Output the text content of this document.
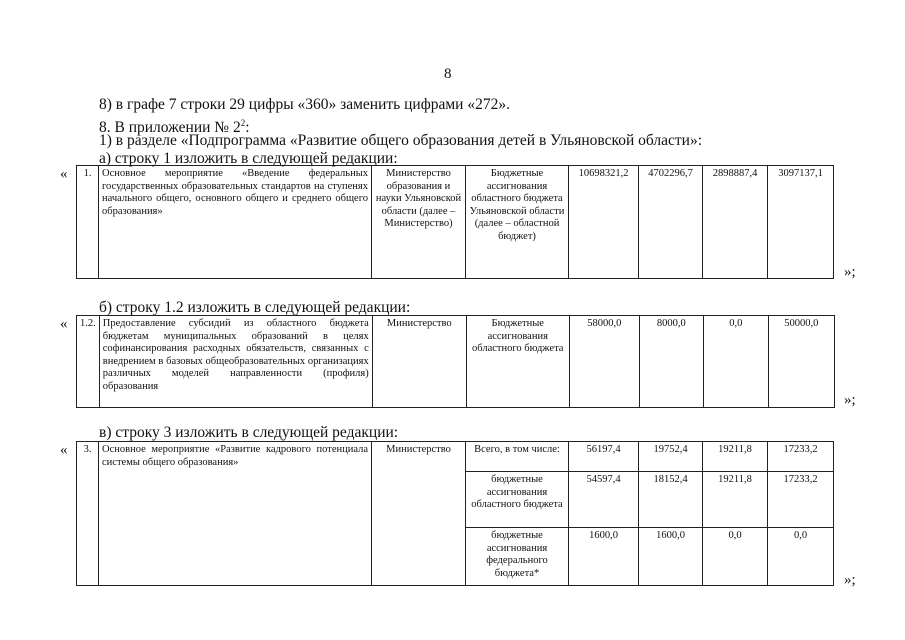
8
8) в графе 7 строки 29 цифры «360» заменить цифрами «272».
8. В приложении № $2^2$:
1) в разделе «Подпрограмма «Развитие общего образования детей в Ульяновской области»:
а) строку 1 изложить в следующей редакции:
« 1.	Основное мероприятие «Введение федеральных государственных образовательных стандартов на ступенях начального общего, основного общего и среднего общего образования»	Министерство образования и науки Ульяновской области (далее – Министерство)	Бюджетные ассигнования областного бюджета Ульяновской области (далее – областной бюджет)	10698321,2	4702296,7	2898887,4	3097137,1
»;
б) строку 1.2 изложить в следующей редакции:
« 1.2.	Предоставление субсидий из областного бюджета бюджетам муниципальных образований в целях софинансирования расходных обязательств, связанных с внедрением в базовых общеобразовательных организациях различных моделей направленности (профиля) образования	Министерство	Бюджетные ассигнования областного бюджета	58000,0	8000,0	0,0	50000,0
»;
в) строку 3 изложить в следующей редакции:
« 3.	Основное мероприятие «Развитие кадрового потенциала системы общего образования»	Министерство	Всего, в том числе:	56197,4	19752,4	19211,8	17233,2
			бюджетные ассигнования областного бюджета	54597,4	18152,4	19211,8	17233,2
			бюджетные ассигнования федерального бюджета*	1600,0	1600,0	0,0	0,0
»;
